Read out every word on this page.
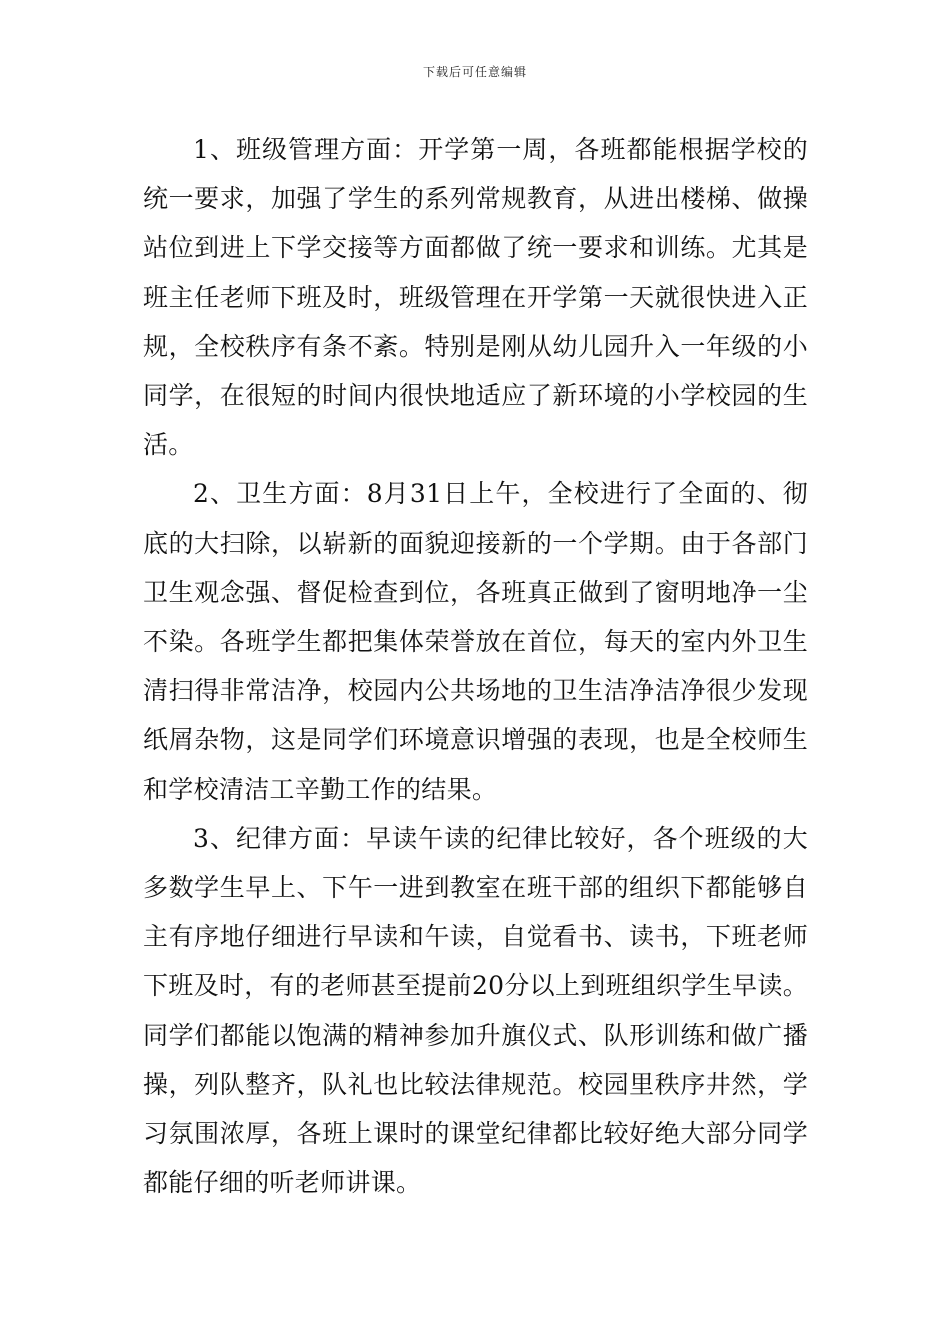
下载后可任意编辑

1、班级管理方面：开学第一周，各班都能根据学校的统一要求，加强了学生的系列常规教育，从进出楼梯、做操站位到进上下学交接等方面都做了统一要求和训练。尤其是班主任老师下班及时，班级管理在开学第一天就很快进入正规，全校秩序有条不紊。特别是刚从幼儿园升入一年级的小同学，在很短的时间内很快地适应了新环境的小学校园的生活。

2、卫生方面：8月31日上午，全校进行了全面的、彻底的大扫除，以崭新的面貌迎接新的一个学期。由于各部门卫生观念强、督促检查到位，各班真正做到了窗明地净一尘不染。各班学生都把集体荣誉放在首位，每天的室内外卫生清扫得非常洁净，校园内公共场地的卫生洁净洁净很少发现纸屑杂物，这是同学们环境意识增强的表现，也是全校师生和学校清洁工辛勤工作的结果。

3、纪律方面：早读午读的纪律比较好，各个班级的大多数学生早上、下午一进到教室在班干部的组织下都能够自主有序地仔细进行早读和午读，自觉看书、读书，下班老师下班及时，有的老师甚至提前20分以上到班组织学生早读。同学们都能以饱满的精神参加升旗仪式、队形训练和做广播操，列队整齐，队礼也比较法律规范。校园里秩序井然，学习氛围浓厚，各班上课时的课堂纪律都比较好绝大部分同学都能仔细的听老师讲课。
